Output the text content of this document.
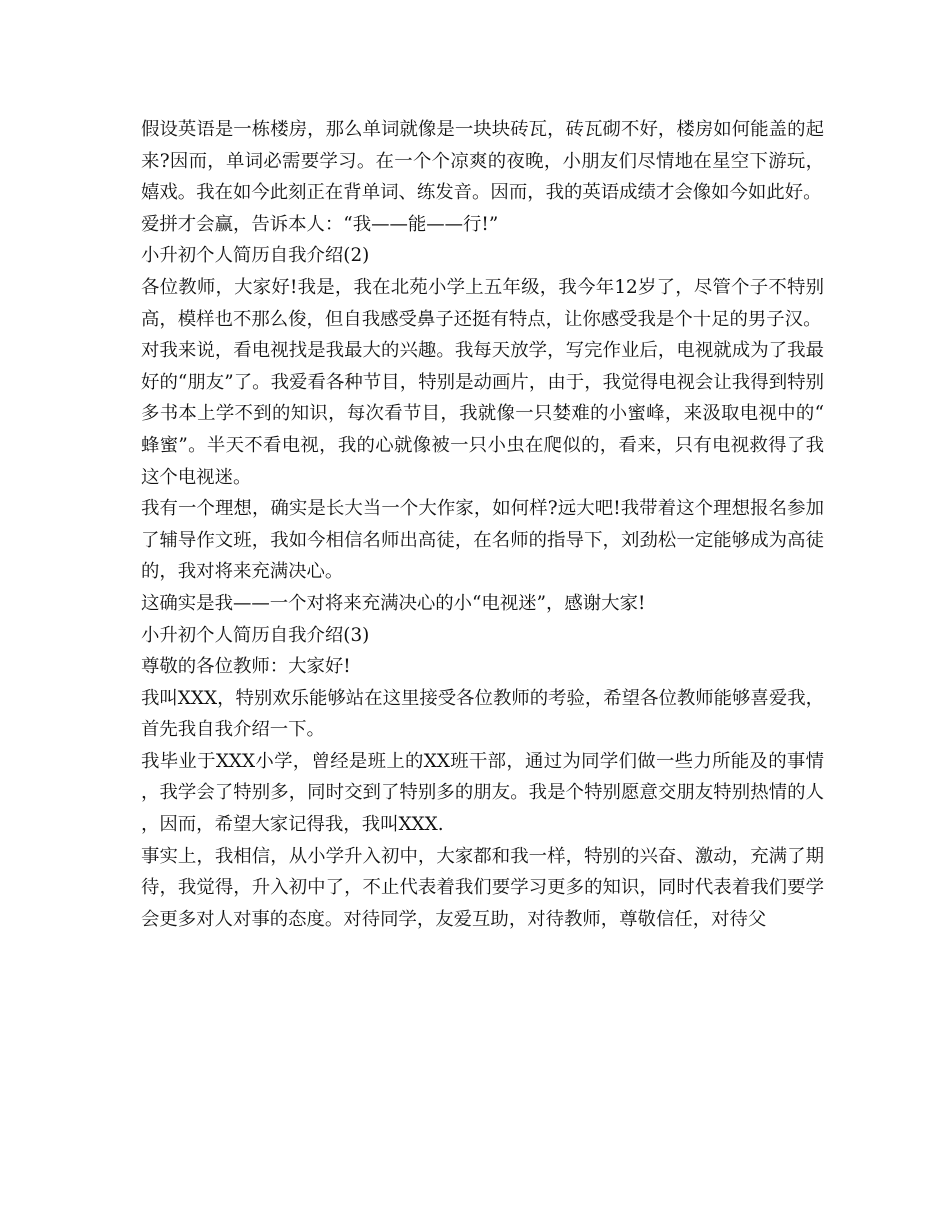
假设英语是一栋楼房，那么单词就像是一块块砖瓦，砖瓦砌不好，楼房如何能盖的起来?因而，单词必需要学习。在一个个凉爽的夜晚，小朋友们尽情地在星空下游玩，嬉戏。我在如今此刻正在背单词、练发音。因而，我的英语成绩才会像如今如此好。

爱拼才会赢，告诉本人：“我——能——行!”

小升初个人简历自我介绍(2)

各位教师，大家好!我是，我在北苑小学上五年级，我今年12岁了，尽管个子不特别高，模样也不那么俊，但自我感受鼻子还挺有特点，让你感受我是个十足的男子汉。

对我来说，看电视找是我最大的兴趣。我每天放学，写完作业后，电视就成为了我最好的“朋友”了。我爱看各种节目，特别是动画片，由于，我觉得电视会让我得到特别多书本上学不到的知识，每次看节目，我就像一只婪难的小蜜峰，来汲取电视中的“蜂蜜”。半天不看电视，我的心就像被一只小虫在爬似的，看来，只有电视救得了我这个电视迷。

我有一个理想，确实是长大当一个大作家，如何样?远大吧!我带着这个理想报名参加了辅导作文班，我如今相信名师出高徒，在名师的指导下，刘劲松一定能够成为高徒的，我对将来充满决心。

这确实是我——一个对将来充满决心的小“电视迷”，感谢大家!

小升初个人简历自我介绍(3)

尊敬的各位教师：大家好!

我叫XXX，特别欢乐能够站在这里接受各位教师的考验，希望各位教师能够喜爱我，首先我自我介绍一下。

我毕业于XXX小学，曾经是班上的XX班干部，通过为同学们做一些力所能及的事情，我学会了特别多，同时交到了特别多的朋友。我是个特别愿意交朋友特别热情的人，因而，希望大家记得我，我叫XXX.

事实上，我相信，从小学升入初中，大家都和我一样，特别的兴奋、激动，充满了期待，我觉得，升入初中了，不止代表着我们要学习更多的知识，同时代表着我们要学会更多对人对事的态度。对待同学，友爱互助，对待教师，尊敬信任，对待父
